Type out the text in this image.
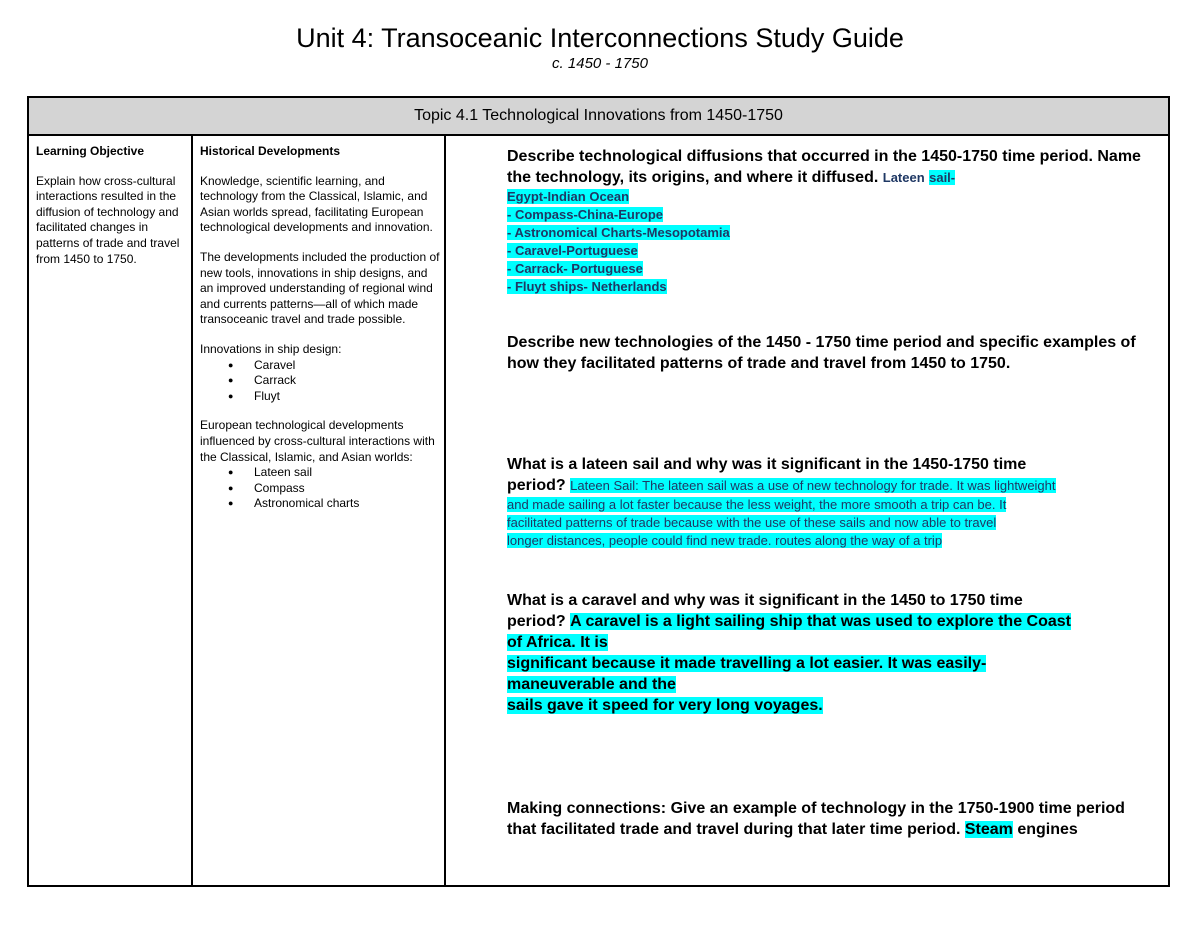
Unit 4: Transoceanic Interconnections Study Guide
c. 1450 - 1750
Topic 4.1 Technological Innovations from 1450-1750
Learning Objective
Explain how cross-cultural interactions resulted in the diffusion of technology and facilitated changes in patterns of trade and travel from 1450 to 1750.
Historical Developments

Knowledge, scientific learning, and technology from the Classical, Islamic, and Asian worlds spread, facilitating European technological developments and innovation.

The developments included the production of new tools, innovations in ship designs, and an improved understanding of regional wind and currents patterns—all of which made transoceanic travel and trade possible.

Innovations in ship design:
● Caravel
● Carrack
● Fluyt
European technological developments influenced by cross-cultural interactions with the Classical, Islamic, and Asian worlds:
● Lateen sail
● Compass
● Astronomical charts
Describe technological diffusions that occurred in the 1450-1750 time period. Name the technology, its origins, and where it diffused. Lateen sail-
Egypt-Indian Ocean
- Compass-China-Europe
- Astronomical Charts-Mesopotamia
- Caravel-Portuguese
- Carrack- Portuguese
- Fluyt ships- Netherlands
Describe new technologies of the 1450 - 1750 time period and specific examples of how they facilitated patterns of trade and travel from 1450 to 1750.
What is a lateen sail and why was it significant in the 1450-1750 time
period? Lateen Sail: The lateen sail was a use of new technology for trade. It was lightweight
and made sailing a lot faster because the less weight, the more smooth a trip can be. It
facilitated patterns of trade because with the use of these sails and now able to travel
longer distances, people could find new trade. routes along the way of a trip
What is a caravel and why was it significant in the 1450 to 1750 time
period? A caravel is a light sailing ship that was used to explore the Coast
of Africa. It is
significant because it made travelling a lot easier. It was easily-
maneuverable and the
sails gave it speed for very long voyages.
Making connections: Give an example of technology in the 1750-1900 time period that facilitated trade and travel during that later time period. Steam engines
